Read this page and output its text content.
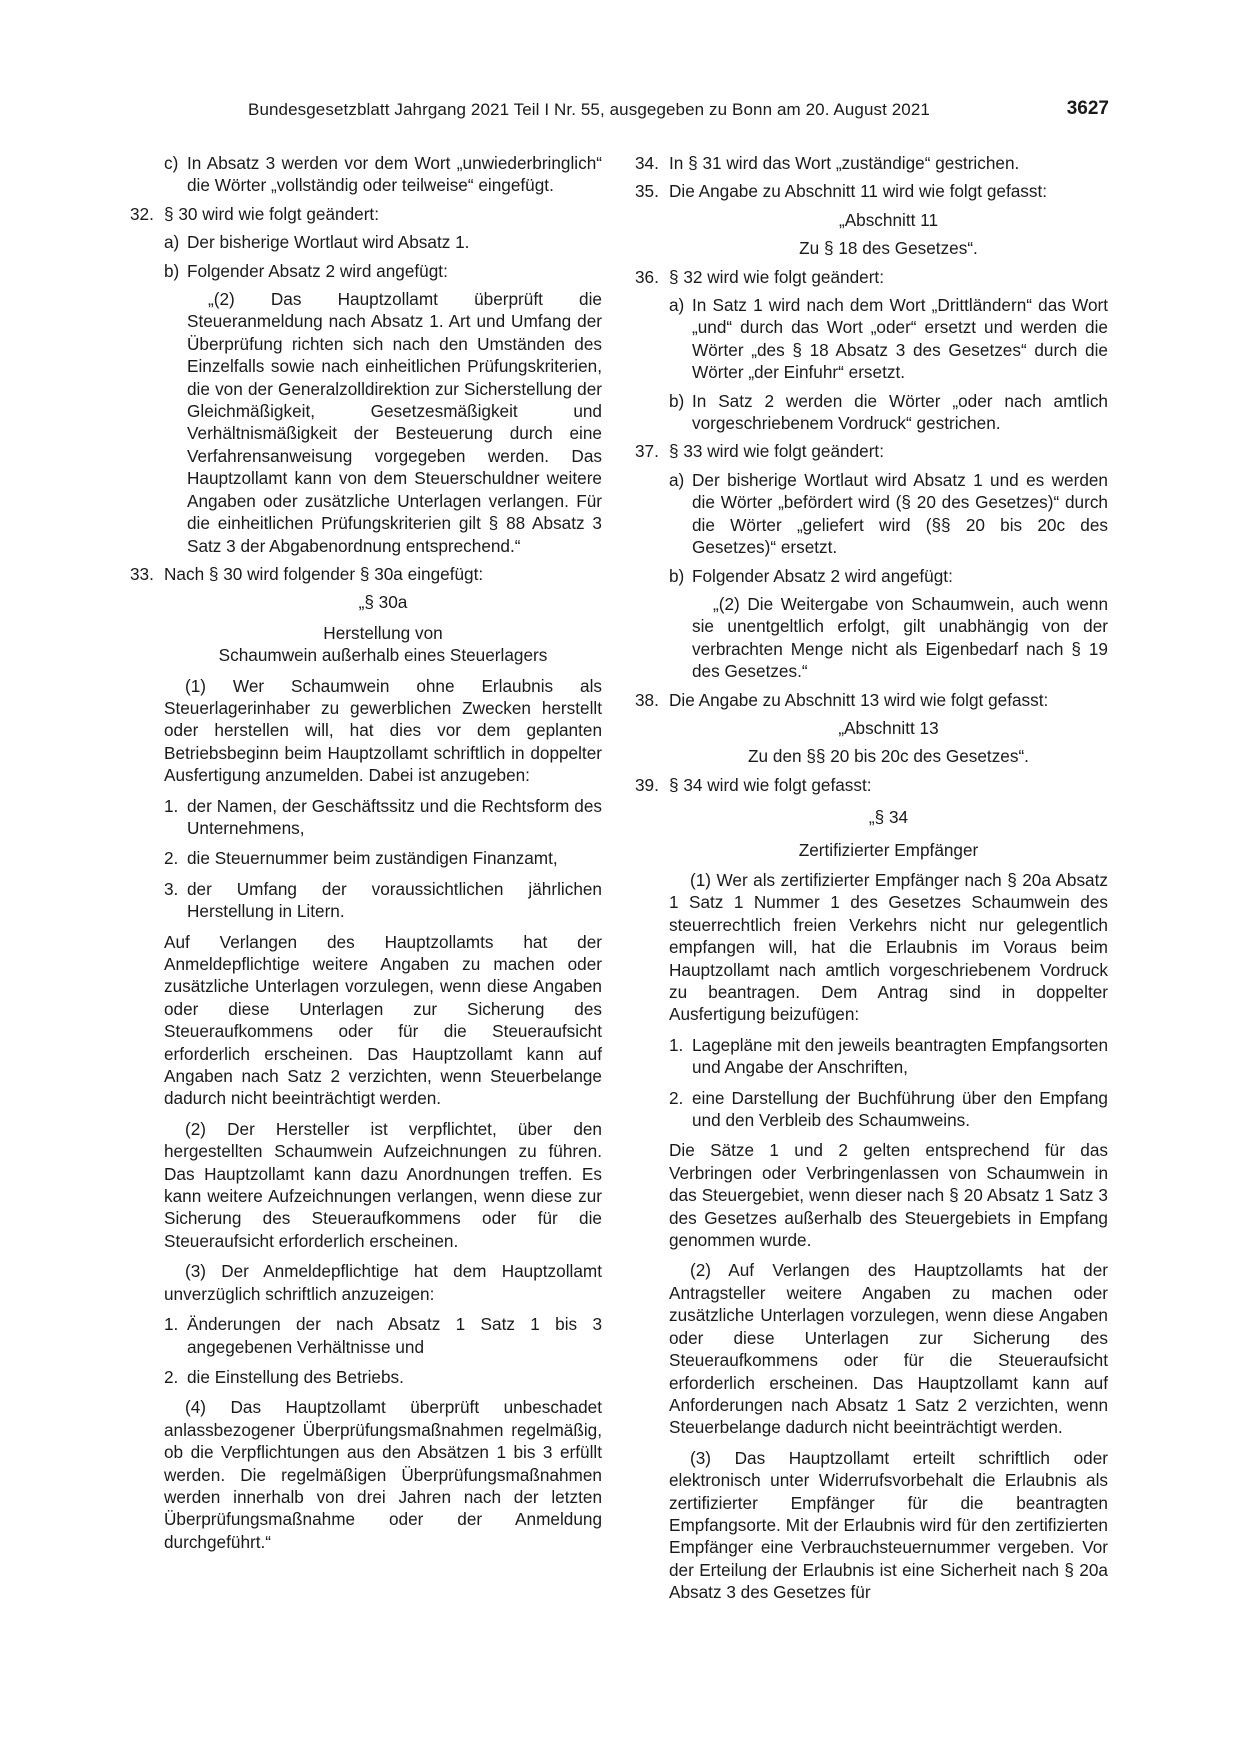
Bundesgesetzblatt Jahrgang 2021 Teil I Nr. 55, ausgegeben zu Bonn am 20. August 2021	3627
c) In Absatz 3 werden vor dem Wort „unwiederbringlich“ die Wörter „vollständig oder teilweise“ eingefügt.
32. § 30 wird wie folgt geändert:
a) Der bisherige Wortlaut wird Absatz 1.
b) Folgender Absatz 2 wird angefügt:

„(2) Das Hauptzollamt überprüft die Steueranmeldung nach Absatz 1. Art und Umfang der Überprüfung richten sich nach den Umständen des Einzelfalls sowie nach einheitlichen Prüfungskriterien, die von der Generalzolldirektion zur Sicherstellung der Gleichmäßigkeit, Gesetzesmäßigkeit und Verhältnismäßigkeit der Besteuerung durch eine Verfahrensanweisung vorgegeben werden. Das Hauptzollamt kann von dem Steuerschuldner weitere Angaben oder zusätzliche Unterlagen verlangen. Für die einheitlichen Prüfungskriterien gilt § 88 Absatz 3 Satz 3 der Abgabenordnung entsprechend.“

33. Nach § 30 wird folgender § 30a eingefügt:

„§ 30a

Herstellung von

Schaumwein außerhalb eines Steuerlagers

(1) Wer Schaumwein ohne Erlaubnis als Steuerlagerinhaber zu gewerblichen Zwecken herstellt oder herstellen will, hat dies vor dem geplanten Betriebsbeginn beim Hauptzollamt schriftlich in doppelter Ausfertigung anzumelden. Dabei ist anzugeben:

1. der Namen, der Geschäftssitz und die Rechtsform des Unternehmens,
2. die Steuernummer beim zuständigen Finanzamt,
3. der Umfang der voraussichtlichen jährlichen Herstellung in Litern.

Auf Verlangen des Hauptzollamts hat der Anmeldepflichtige weitere Angaben zu machen oder zusätzliche Unterlagen vorzulegen, wenn diese Angaben oder diese Unterlagen zur Sicherung des Steueraufkommens oder für die Steueraufsicht erforderlich erscheinen. Das Hauptzollamt kann auf Angaben nach Satz 2 verzichten, wenn Steuerbelange dadurch nicht beeinträchtigt werden.

(2) Der Hersteller ist verpflichtet, über den hergestellten Schaumwein Aufzeichnungen zu führen. Das Hauptzollamt kann dazu Anordnungen treffen. Es kann weitere Aufzeichnungen verlangen, wenn diese zur Sicherung des Steueraufkommens oder für die Steueraufsicht erforderlich erscheinen.

(3) Der Anmeldepflichtige hat dem Hauptzollamt unverzüglich schriftlich anzuzeigen:

1. Änderungen der nach Absatz 1 Satz 1 bis 3 angegebenen Verhältnisse und
2. die Einstellung des Betriebs.

(4) Das Hauptzollamt überprüft unbeschadet anlassbezogener Überprüfungsmaßnahmen regelmäßig, ob die Verpflichtungen aus den Absätzen 1 bis 3 erfüllt werden. Die regelmäßigen Überprüfungsmaßnahmen werden innerhalb von drei Jahren nach der letzten Überprüfungsmaßnahme oder der Anmeldung durchgeführt.“

34. In § 31 wird das Wort „zuständige“ gestrichen.
35. Die Angabe zu Abschnitt 11 wird wie folgt gefasst:

„Abschnitt 11

Zu § 18 des Gesetzes“.

36. § 32 wird wie folgt geändert:
a) In Satz 1 wird nach dem Wort „Drittländern“ das Wort „und“ durch das Wort „oder“ ersetzt und werden die Wörter „des § 18 Absatz 3 des Gesetzes“ durch die Wörter „der Einfuhr“ ersetzt.
b) In Satz 2 werden die Wörter „oder nach amtlich vorgeschriebenem Vordruck“ gestrichen.
37. § 33 wird wie folgt geändert:
a) Der bisherige Wortlaut wird Absatz 1 und es werden die Wörter „befördert wird (§ 20 des Gesetzes)“ durch die Wörter „geliefert wird (§§ 20 bis 20c des Gesetzes)“ ersetzt.
b) Folgender Absatz 2 wird angefügt:

„(2) Die Weitergabe von Schaumwein, auch wenn sie unentgeltlich erfolgt, gilt unabhängig von der verbrachten Menge nicht als Eigenbedarf nach § 19 des Gesetzes.“

38. Die Angabe zu Abschnitt 13 wird wie folgt gefasst:

„Abschnitt 13

Zu den §§ 20 bis 20c des Gesetzes“.

39. § 34 wird wie folgt gefasst:

„§ 34

Zertifizierter Empfänger

(1) Wer als zertifizierter Empfänger nach § 20a Absatz 1 Satz 1 Nummer 1 des Gesetzes Schaumwein des steuerrechtlich freien Verkehrs nicht nur gelegentlich empfangen will, hat die Erlaubnis im Voraus beim Hauptzollamt nach amtlich vorgeschriebenem Vordruck zu beantragen. Dem Antrag sind in doppelter Ausfertigung beizufügen:

1. Lagepläne mit den jeweils beantragten Empfangsorten und Angabe der Anschriften,
2. eine Darstellung der Buchführung über den Empfang und den Verbleib des Schaumweins.

Die Sätze 1 und 2 gelten entsprechend für das Verbringen oder Verbringenlassen von Schaumwein in das Steuergebiet, wenn dieser nach § 20 Absatz 1 Satz 3 des Gesetzes außerhalb des Steuergebiets in Empfang genommen wurde.

(2) Auf Verlangen des Hauptzollamts hat der Antragsteller weitere Angaben zu machen oder zusätzliche Unterlagen vorzulegen, wenn diese Angaben oder diese Unterlagen zur Sicherung des Steueraufkommens oder für die Steueraufsicht erforderlich erscheinen. Das Hauptzollamt kann auf Anforderungen nach Absatz 1 Satz 2 verzichten, wenn Steuerbelange dadurch nicht beeinträchtigt werden.

(3) Das Hauptzollamt erteilt schriftlich oder elektronisch unter Widerrufsvorbehalt die Erlaubnis als zertifizierter Empfänger für die beantragten Empfangsorte. Mit der Erlaubnis wird für den zertifizierten Empfänger eine Verbrauchsteuernummer vergeben. Vor der Erteilung der Erlaubnis ist eine Sicherheit nach § 20a Absatz 3 des Gesetzes für
